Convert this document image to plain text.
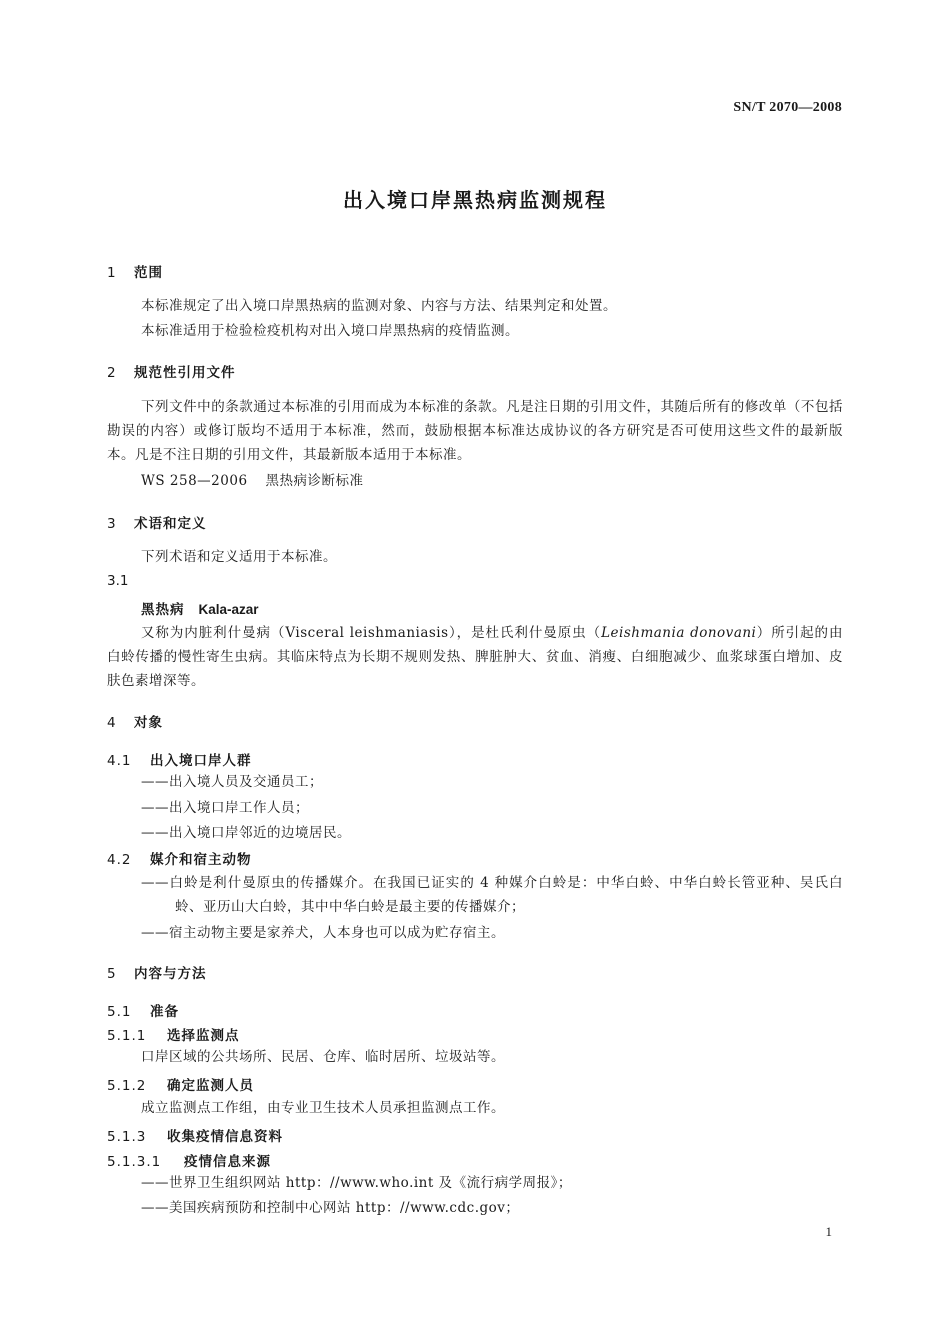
SN/T 2070—2008
出入境口岸黑热病监测规程
1 范围
本标准规定了出入境口岸黑热病的监测对象、内容与方法、结果判定和处置。
本标准适用于检验检疫机构对出入境口岸黑热病的疫情监测。
2 规范性引用文件
下列文件中的条款通过本标准的引用而成为本标准的条款。凡是注日期的引用文件，其随后所有的修改单（不包括勘误的内容）或修订版均不适用于本标准，然而，鼓励根据本标准达成协议的各方研究是否可使用这些文件的最新版本。凡是不注日期的引用文件，其最新版本适用于本标准。
WS 258—2006 黑热病诊断标准
3 术语和定义
下列术语和定义适用于本标准。
3.1
黑热病 Kala-azar
又称为内脏利什曼病（Visceral leishmaniasis），是杜氏利什曼原虫（Leishmania donovani）所引起的由白蛉传播的慢性寄生虫病。其临床特点为长期不规则发热、脾脏肿大、贫血、消瘦、白细胞减少、血浆球蛋白增加、皮肤色素增深等。
4 对象
4.1 出入境口岸人群
——出入境人员及交通员工；
——出入境口岸工作人员；
——出入境口岸邻近的边境居民。
4.2 媒介和宿主动物
——白蛉是利什曼原虫的传播媒介。在我国已证实的 4 种媒介白蛉是：中华白蛉、中华白蛉长管亚种、吴氏白蛉、亚历山大白蛉，其中中华白蛉是最主要的传播媒介；
——宿主动物主要是家养犬，人本身也可以成为贮存宿主。
5 内容与方法
5.1 准备
5.1.1 选择监测点
口岸区域的公共场所、民居、仓库、临时居所、垃圾站等。
5.1.2 确定监测人员
成立监测点工作组，由专业卫生技术人员承担监测点工作。
5.1.3 收集疫情信息资料
5.1.3.1 疫情信息来源
——世界卫生组织网站 http：//www.who.int 及《流行病学周报》；
——美国疾病预防和控制中心网站 http：//www.cdc.gov；
1
